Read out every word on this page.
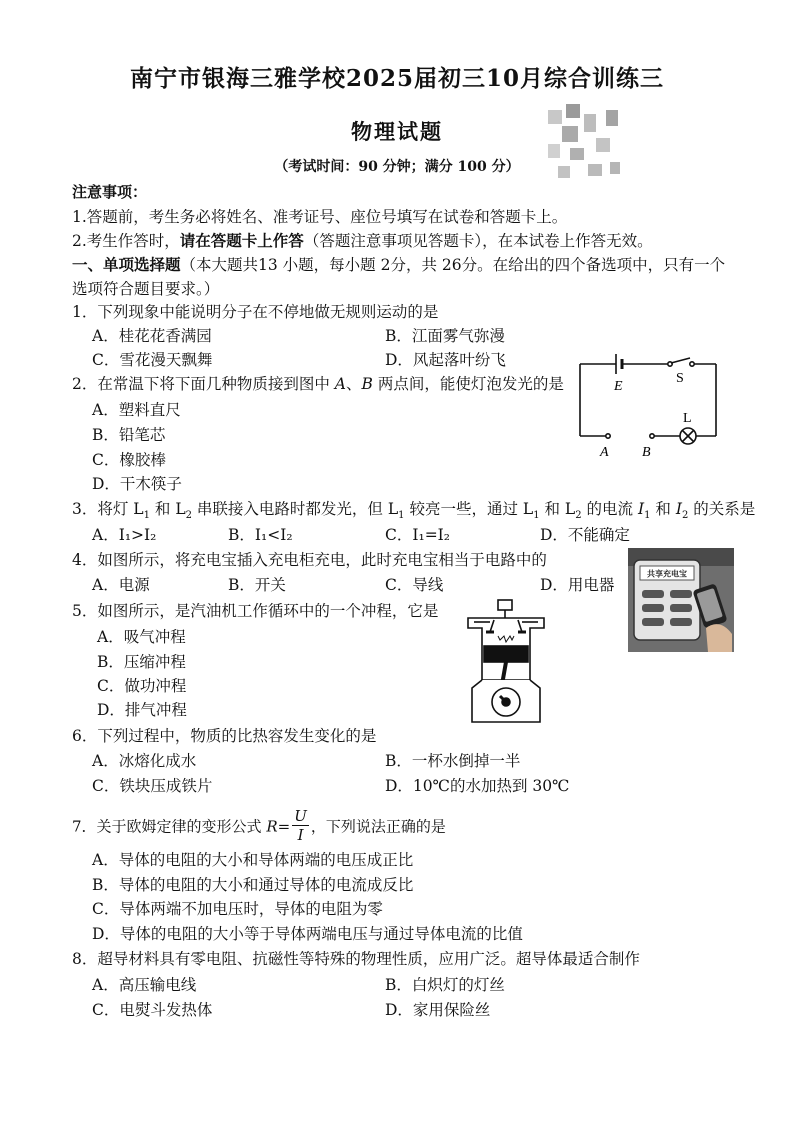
南宁市银海三雅学校2025届初三10月综合训练三
物理试题
（考试时间：90 分钟；满分 100 分）
注意事项：
1.答题前，考生务必将姓名、准考证号、座位号填写在试卷和答题卡上。
2.考生作答时，请在答题卡上作答（答题注意事项见答题卡），在本试卷上作答无效。
一、单项选择题（本大题共13 小题，每小题 2分，共 26分。在给出的四个备选项中，只有一个
选项符合题目要求。）
1．下列现象中能说明分子在不停地做无规则运动的是
A．桂花花香满园	B．江面雾气弥漫
C．雪花漫天飘舞	D．风起落叶纷飞
2．在常温下将下面几种物质接到图中 A、B 两点间，能使灯泡发光的是
A．塑料直尺
B．铅笔芯
C．橡胶棒
D．干木筷子
E
S
L
A B
3．将灯 $L_1$ 和 $L_2$ 串联接入电路时都发光，但 $L_1$ 较亮一些，通过 $L_1$ 和 $L_2$ 的电流 $I_1$ 和 $I_2$ 的关系是
A．I₁>I₂	B．I₁<I₂	C．I₁=I₂	D．不能确定
4．如图所示，将充电宝插入充电柜充电，此时充电宝相当于电路中的
A．电源	B．开关	C．导线	D．用电器
共享充电宝
5．如图所示，是汽油机工作循环中的一个冲程，它是
A．吸气冲程
B．压缩冲程
C．做功冲程
D．排气冲程
6．下列过程中，物质的比热容发生变化的是
A．冰熔化成水	B．一杯水倒掉一半
C．铁块压成铁片	D．10℃的水加热到 30℃
7．关于欧姆定律的变形公式 $R= \frac{U}{I}$ ，下列说法正确的是
A．导体的电阻的大小和导体两端的电压成正比
B．导体的电阻的大小和通过导体的电流成反比
C．导体两端不加电压时，导体的电阻为零
D．导体的电阻的大小等于导体两端电压与通过导体电流的比值
8．超导材料具有零电阻、抗磁性等特殊的物理性质，应用广泛。超导体最适合制作
A．高压输电线	B．白炽灯的灯丝
C．电熨斗发热体	D．家用保险丝
